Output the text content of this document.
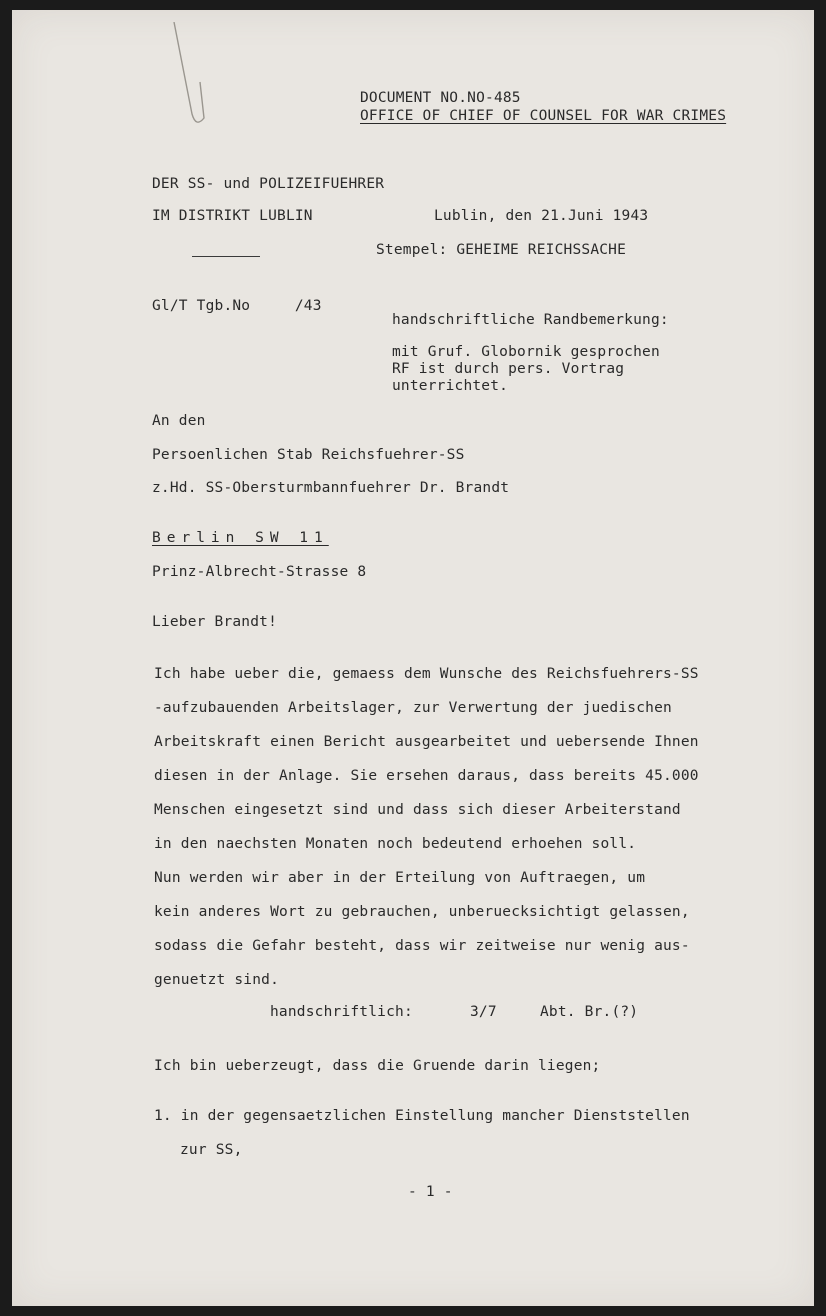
DOCUMENT NO.NO-485
OFFICE OF CHIEF OF COUNSEL FOR WAR CRIMES
DER SS- und POLIZEIFUEHRER
IM DISTRIKT LUBLIN	Lublin, den 21.Juni 1943
Stempel: GEHEIME REICHSSACHE
Gl/T Tgb.No     /43
handschriftliche Randbemerkung:
mit Gruf. Globornik gesprochen
RF ist durch pers. Vortrag
unterrichtet.
An den
Persoenlichen Stab Reichsfuehrer-SS
z.Hd. SS-Obersturmbannfuehrer Dr. Brandt
Berlin SW 11
Prinz-Albrecht-Strasse 8
Lieber Brandt!
Ich habe ueber die, gemaess dem Wunsche des Reichsfuehrers-SS
-aufzubauenden Arbeitslager, zur Verwertung der juedischen
Arbeitskraft einen Bericht ausgearbeitet und uebersende Ihnen
diesen in der Anlage. Sie ersehen daraus, dass bereits 45.000
Menschen eingesetzt sind und dass sich dieser Arbeiterstand
in den naechsten Monaten noch bedeutend erhoehen soll.
Nun werden wir aber in der Erteilung von Auftraegen, um
kein anderes Wort zu gebrauchen, unberuecksichtigt gelassen,
sodass die Gefahr besteht, dass wir zeitweise nur wenig aus-
genuetzt sind.
handschriftlich:	3/7	Abt. Br.(?)
Ich bin ueberzeugt, dass die Gruende darin liegen;
1. in der gegensaetzlichen Einstellung mancher Dienststellen
zur SS,
- 1 -
